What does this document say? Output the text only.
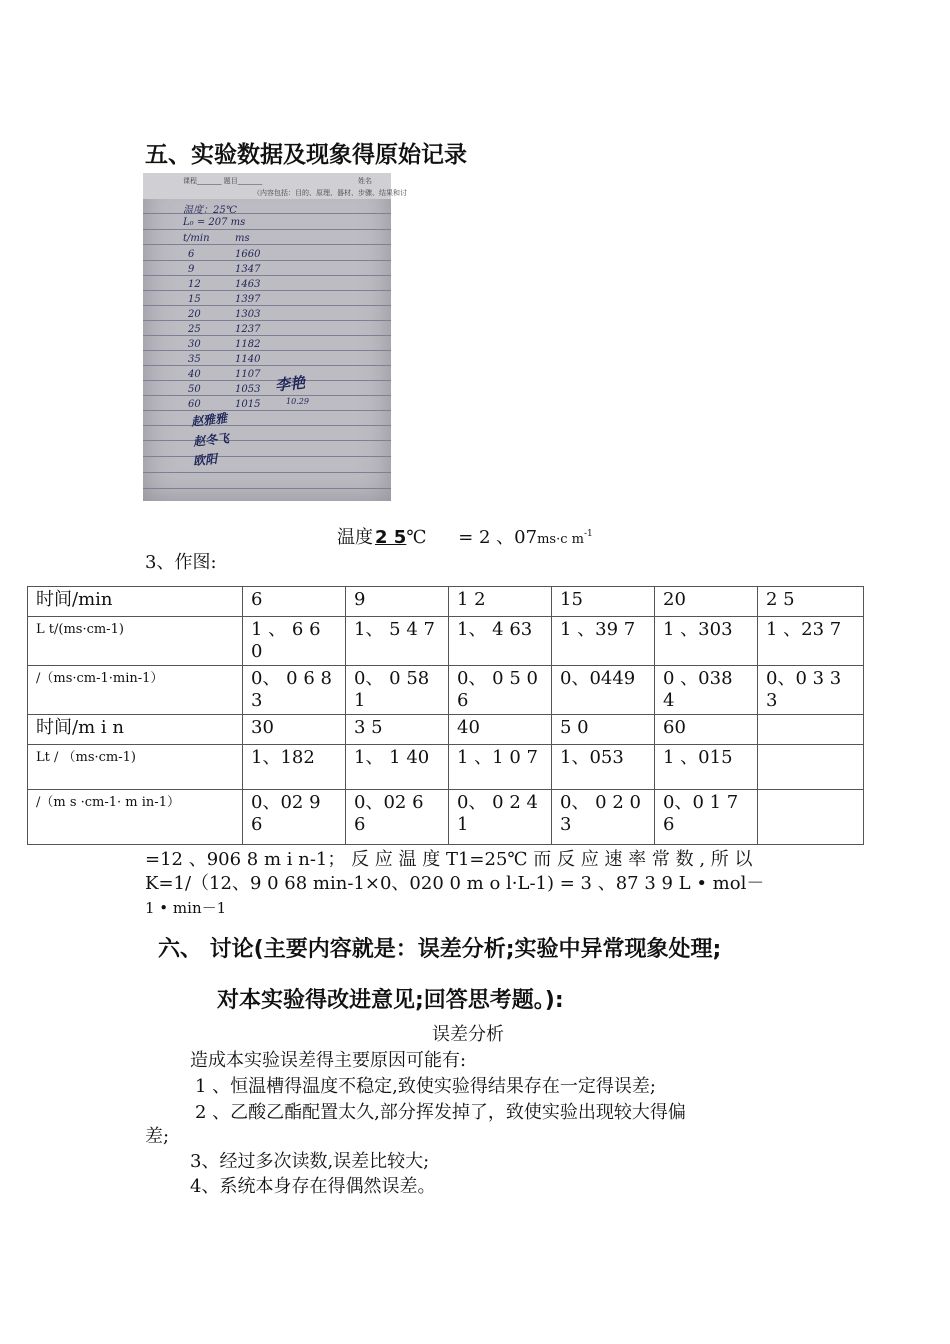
五、实验数据及现象得原始记录
课程_______ 题目_______	姓名
（内容包括：目的、原理、器材、步骤、结果和讨
温度：25℃
L₀ = 207 ms
t/min	ms
6	1660
9	1347
12	1463
15	1397
20	1303
25	1237
30	1182
35	1140
40	1107
50	1053
60	1015
李艳
10.29
赵雅雅
赵冬飞
欧阳
温度 2 5℃ = 2 、07ms·c $m^{-1}$
3、作图:
时间/min	6	9	1 2	15	20	2 5
L t/(ms·cm-1)	1 、 6 6 0	1、 5 4 7	1、 4 63	1 、39 7	1 、303	1 、23 7
/（ms·cm-1·min-1）	0、 0 6 83	0、 0 581	0、 0 5 0 6	0、0449	0 、038 4	0、0 3 3 3
时间/m i n	30	3 5	40	5 0	60	
Lt / （ms·cm-1)	1、182	1、 1 40	1 、1 0 7	1、053	1 、015	
/（m s ·cm-1· m in-1）	0、02 9 6	0、02 6 6	0、 0 2 41	0、 0 2 0 3	0、0 1 7 6	
=12 、906 8 m i n-1； 反 应 温 度 T1=25℃ 而 反 应 速 率 常 数 , 所 以
K=1/（12、9 0 68 min-1×0、020 0 m o l·L-1) = 3 、87 3 9 L • mol－
1 • min－1
六、 讨论(主要内容就是：误差分析;实验中异常现象处理;
对本实验得改进意见;回答思考题。):
误差分析
造成本实验误差得主要原因可能有:
1 、恒温槽得温度不稳定,致使实验得结果存在一定得误差;
2 、乙酸乙酯配置太久,部分挥发掉了，致使实验出现较大得偏
差;
3、经过多次读数,误差比较大;
4、系统本身存在得偶然误差。
